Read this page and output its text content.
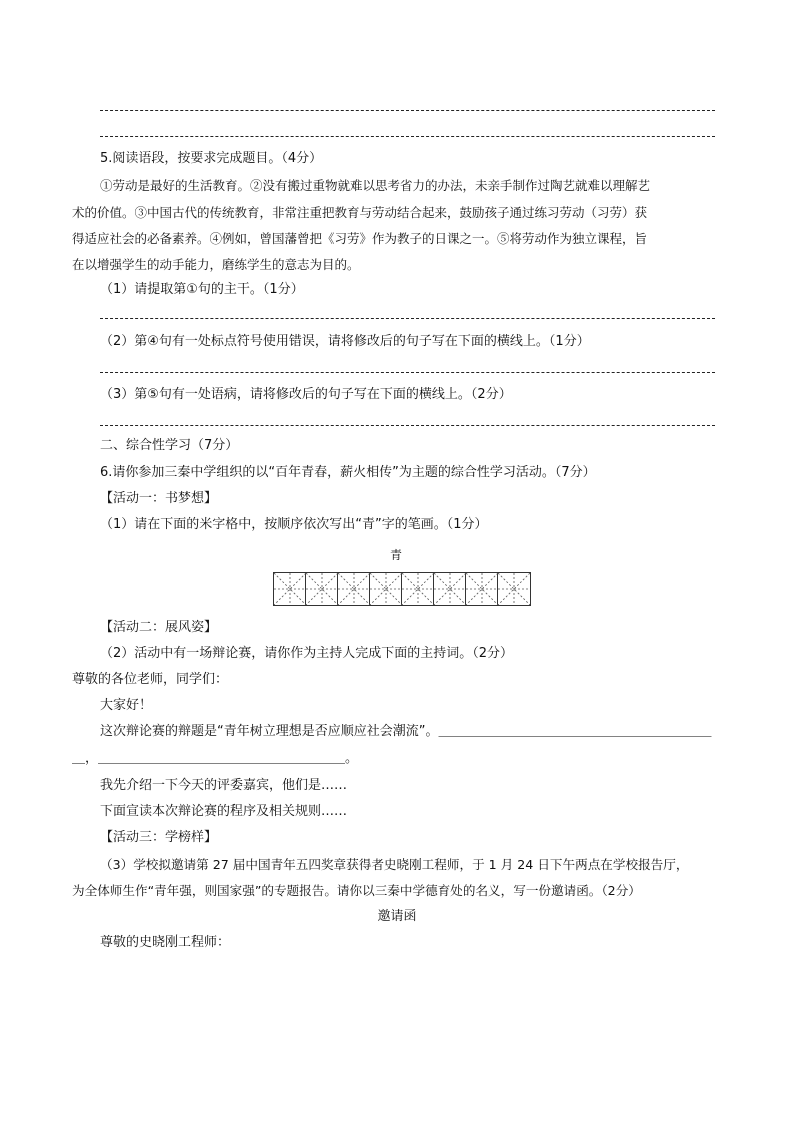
5.阅读语段，按要求完成题目。（4分）
①劳动是最好的生活教育。②没有搬过重物就难以思考省力的办法，未亲手制作过陶艺就难以理解艺
术的价值。③中国古代的传统教育，非常注重把教育与劳动结合起来，鼓励孩子通过练习劳动（习劳）获
得适应社会的必备素养。④例如，曾国藩曾把《习劳》作为教子的日课之一。⑤将劳动作为独立课程，旨
在以增强学生的动手能力，磨练学生的意志为目的。
（1）请提取第①句的主干。（1分）
（2）第④句有一处标点符号使用错误，请将修改后的句子写在下面的横线上。（1分）
（3）第⑤句有一处语病，请将修改后的句子写在下面的横线上。（2分）
二、综合性学习（7分）
6.请你参加三秦中学组织的以“百年青春，薪火相传”为主题的综合性学习活动。（7分）
【活动一：书梦想】
（1）请在下面的米字格中，按顺序依次写出“青”字的笔画。（1分）
青
【活动二：展风姿】
（2）活动中有一场辩论赛，请你作为主持人完成下面的主持词。（2分）
尊敬的各位老师，同学们：
大家好！
这次辩论赛的辩题是“青年树立理想是否应顺应社会潮流”。＿＿＿＿＿＿＿＿＿＿＿＿＿＿＿＿＿＿＿＿＿
＿，＿＿＿＿＿＿＿＿＿＿＿＿＿＿＿＿＿＿＿。
我先介绍一下今天的评委嘉宾，他们是……
下面宣读本次辩论赛的程序及相关规则……
【活动三：学榜样】
（3）学校拟邀请第 27 届中国青年五四奖章获得者史晓刚工程师，于 1 月 24 日下午两点在学校报告厅，
为全体师生作“青年强，则国家强”的专题报告。请你以三秦中学德育处的名义，写一份邀请函。（2分）
邀请函
尊敬的史晓刚工程师：
